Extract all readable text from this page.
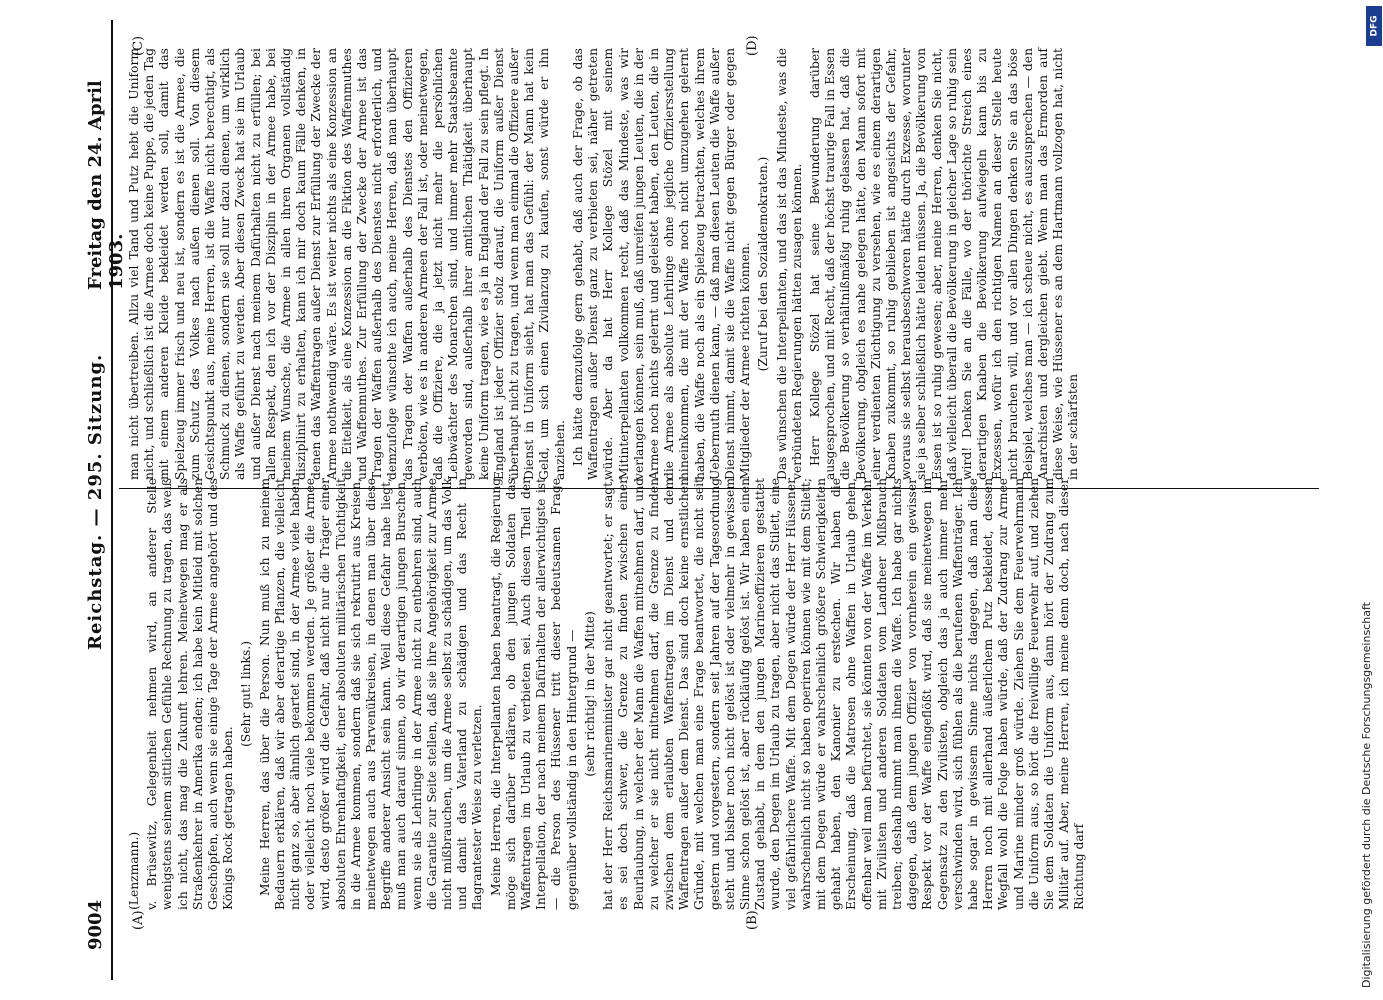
9004
Reichstag. — 295. Sitzung.
Freitag den 24. April 1903.
(A)	(B)
(C)	(D)

(Lenzmann.) v. Brüsewitz, Gelegenheit nehmen wird, an anderer Stelle wenigstens seinem sittlichen Gefühle Rechnung zu tragen, das weiß ich nicht, das mag die Zukunft lehren. Meinetwegen mag er als Straßenkehrer in Amerika enden; ich habe kein Mitleid mit solchen Geschöpfen, auch wenn sie einige Tage der Armee angehört und des Königs Rock getragen haben.

(Sehr gut! links.) Meine Herren, das über die Person. Nun muß ich zu meinem Bedauern erklären, daß wir aber derartige Pflanzen, die vielleicht nicht ganz so, aber ähnlich geartet sind, in der Armee viele haben oder vielleicht noch viele bekommen werden. Je größer die Armee wird, desto größer wird die Gefahr, daß nicht nur die Träger einer absoluten Ehrenhaftigkeit, einer absoluten militärischen Tüchtigkeit in die Armee kommen, sondern daß sie sich rekrutirt aus Kreisen, meinetwegen auch aus Parvenükreisen, in denen man über diese Begriffe anderer Ansicht sein kann. Weil diese Gefahr nahe liegt, muß man auch darauf sinnen, ob wir derartigen jungen Burschen, wenn sie als Lehrlinge in der Armee nicht zu entbehren sind, auch die Garantie zur Seite stellen, daß sie ihre Angehörigkeit zur Armee nicht mißbrauchen, um die Armee selbst zu schädigen, um das Volk und damit das Vaterland zu schädigen und das Recht in flagrantester Weise zu verletzen. Meine Herren, die Interpellanten haben beantragt, die Regierung möge sich darüber erklären, ob den jungen Soldaten das Waffentragen im Urlaub zu verbieten sei. Auch diesen Theil der Interpellation, der nach meinem Dafürhalten der allerwichtigste ist — die Person des Hüssener tritt dieser bedeutsamen Frage gegenüber vollständig in den Hintergrund — (sehr richtig! in der Mitte) hat der Herr Reichsmarineminister gar nicht geantwortet; er sagt, es sei doch schwer, die Grenze zu finden zwischen einer Beurlaubung, in welcher der Mann die Waffen mitnehmen darf, und zu welcher er sie nicht mitnehmen darf, die Grenze zu finden zwischen dem erlaubten Waffentragen im Dienst und dem Waffentragen außer dem Dienst. Das sind doch keine ernstlichen Gründe, mit welchen man eine Frage beantwortet, die nicht seit gestern und vorgestern, sondern seit Jahren auf der Tagesordnung steht und bisher noch nicht gelöst ist oder vielmehr in gewissem Sinne schon gelöst ist, aber rückläufig gelöst ist. Wir haben einen Zustand gehabt, in dem den jungen Marineoffizieren gestattet wurde, den Degen im Urlaub zu tragen, aber nicht das Stilett, eine viel gefährlichere Waffe. Mit dem Degen würde der Herr Hüssener wahrscheinlich nicht so haben operiren können wie mit dem Stilett; mit dem Degen würde er wahrscheinlich größere Schwierigkeiten gehabt haben, den Kanonier zu erstechen. Wir haben die Erscheinung, daß die Matrosen ohne Waffen in Urlaub gehen, offenbar weil man befürchtet, sie könnten von der Waffe im Verkehr mit Zivilisten und anderen Soldaten vom Landheer Mißbrauch treiben; deshalb nimmt man ihnen die Waffe. Ich habe gar nichts dagegen, daß dem jungen Offizier von vornherein ein gewisser Respekt vor der Waffe eingeflößt wird, daß sie meinetwegen im Gegensatz zu den Zivilisten, obgleich das ja auch immer mehr verschwinden wird, sich fühlen als die berufenen Waffenträger. Ich habe sogar in gewissem Sinne nichts dagegen, daß man diese Herren noch mit allerhand äußerlichem Putz bekleidet, dessen Wegfall wohl die Folge haben würde, daß der Zudrang zur Armee und Marine minder groß würde. Ziehen Sie dem Feuerwehrmann die Uniform aus, so hört die freiwillige Feuerwehr auf, und ziehen Sie dem Soldaten die Uniform aus, dann hört der Zudrang zum Militär auf. Aber, meine Herren, ich meine denn doch, nach dieser Richtung darf

man nicht übertreiben. Allzu viel Tand und Putz hebt die Uniform nicht, und schließlich ist die Armee doch keine Puppe, die jeden Tag mit einem anderen Kleide bekleidet werden soll, damit das Spielzeug immer frisch und neu ist, sondern es ist die Armee, die zum Schutz des Volkes nach außen dienen soll. Von diesem Gesichtspunkt aus, meine Herren, ist die Waffe nicht berechtigt, als Schmuck zu dienen, sondern sie soll nur dazu dienen, um wirklich als Waffe geführt zu werden. Aber diesen Zweck hat sie im Urlaub und außer Dienst nach meinem Dafürhalten nicht zu erfüllen; bei allem Respekt, den ich vor der Disziplin in der Armee habe, bei meinem Wunsche, die Armee in allen ihren Organen vollständig disziplinirt zu erhalten, kann ich mir doch kaum Fälle denken, in denen das Waffentragen außer Dienst zur Erfüllung der Zwecke der Armee nothwendig wäre. Es ist weiter nichts als eine Konzession an die Eitelkeit, als eine Konzession an die Fiktion des Waffenmuthes und Waffenmuthes. Zur Erfüllung der Zwecke der Armee ist das Tragen der Waffen außerhalb des Dienstes nicht erforderlich, und demzufolge wünschte ich auch, meine Herren, daß man überhaupt das Tragen der Waffen außerhalb des Dienstes den Offizieren verböten, wie es in anderen Armeen der Fall ist, oder meinetwegen, daß die Offiziere, die ja jetzt nicht mehr die persönlichen Leibwächter des Monarchen sind, und immer mehr Staatsbeamte geworden sind, außerhalb ihrer amtlichen Thätigkeit überhaupt keine Uniform tragen, wie es ja in England der Fall zu sein pflegt. In England ist jeder Offizier stolz darauf, die Uniform außer Dienst überhaupt nicht zu tragen, und wenn man einmal die Offiziere außer Dienst in Uniform sieht, hat man das Gefühl: der Mann hat kein Geld, um sich einen Zivilanzug zu kaufen, sonst würde er ihn anziehen. Ich hätte demzufolge gern gehabt, daß auch der Frage, ob das Waffentragen außer Dienst ganz zu verbieten sei, näher getreten würde. Aber da hat Herr Kollege Stözel mit seinem Mitinterpellanten vollkommen recht, daß das Mindeste, was wir verlangen können, sein muß, daß unreifen jungen Leuten, die in der Armee noch nichts gelernt und geleistet haben, den Leuten, die in die Armee als absolute Lehrlinge ohne jegliche Offiziersstellung hineinkommen, die mit der Waffe noch nicht umzugehen gelernt haben, die Waffe noch als ein Spielzeug betrachten, welches ihrem Uebermuth dienen kann, — daß man diesen Leuten die Waffe außer Dienst nimmt, damit sie die Waffe nicht gegen Bürger oder gegen Mitglieder der Armee richten können. (Zuruf bei den Sozialdemokraten.) Das wünschen die Interpellanten, und das ist das Mindeste, was die verbündeten Regierungen hätten zusagen können. Herr Kollege Stözel hat seine Bewunderung darüber ausgesprochen, und mit Recht, daß der höchst traurige Fall in Essen die Bevölkerung so verhältnißmäßig ruhig gelassen hat, daß die Bevölkerung, obgleich es nahe gelegen hätte, den Mann sofort mit einer verdienten Züchtigung zu versehen, wie es einem derartigen Knaben zukommt, so ruhig geblieben ist angesichts der Gefahr, woraus sie selbst herausbeschworen hätte durch Exzesse, worunter sie ja selber schließlich hätte leiden müssen. Ja, die Bevölkerung von Essen ist so ruhig gewesen; aber, meine Herren, denken Sie nicht, daß vielleicht überall die Bevölkerung in gleicher Lage so ruhig sein wird! Denken Sie an die Fälle, wo der thörichte Streich eines derartigen Knaben die Bevölkerung aufwiegeln kann bis zu Exzessen, wofür ich den richtigen Namen an dieser Stelle heute nicht brauchen will, und vor allen Dingen denken Sie an das böse Beispiel, welches man — ich scheue nicht, es auszusprechen — den Anarchisten und dergleichen giebt. Wenn man das Ermorden auf diese Weise, wie Hüssener es an dem Hartmann vollzogen hat, nicht in der schärfsten

Digitalisierung gefördert durch die Deutsche Forschungsgemeinschaft
DFG
